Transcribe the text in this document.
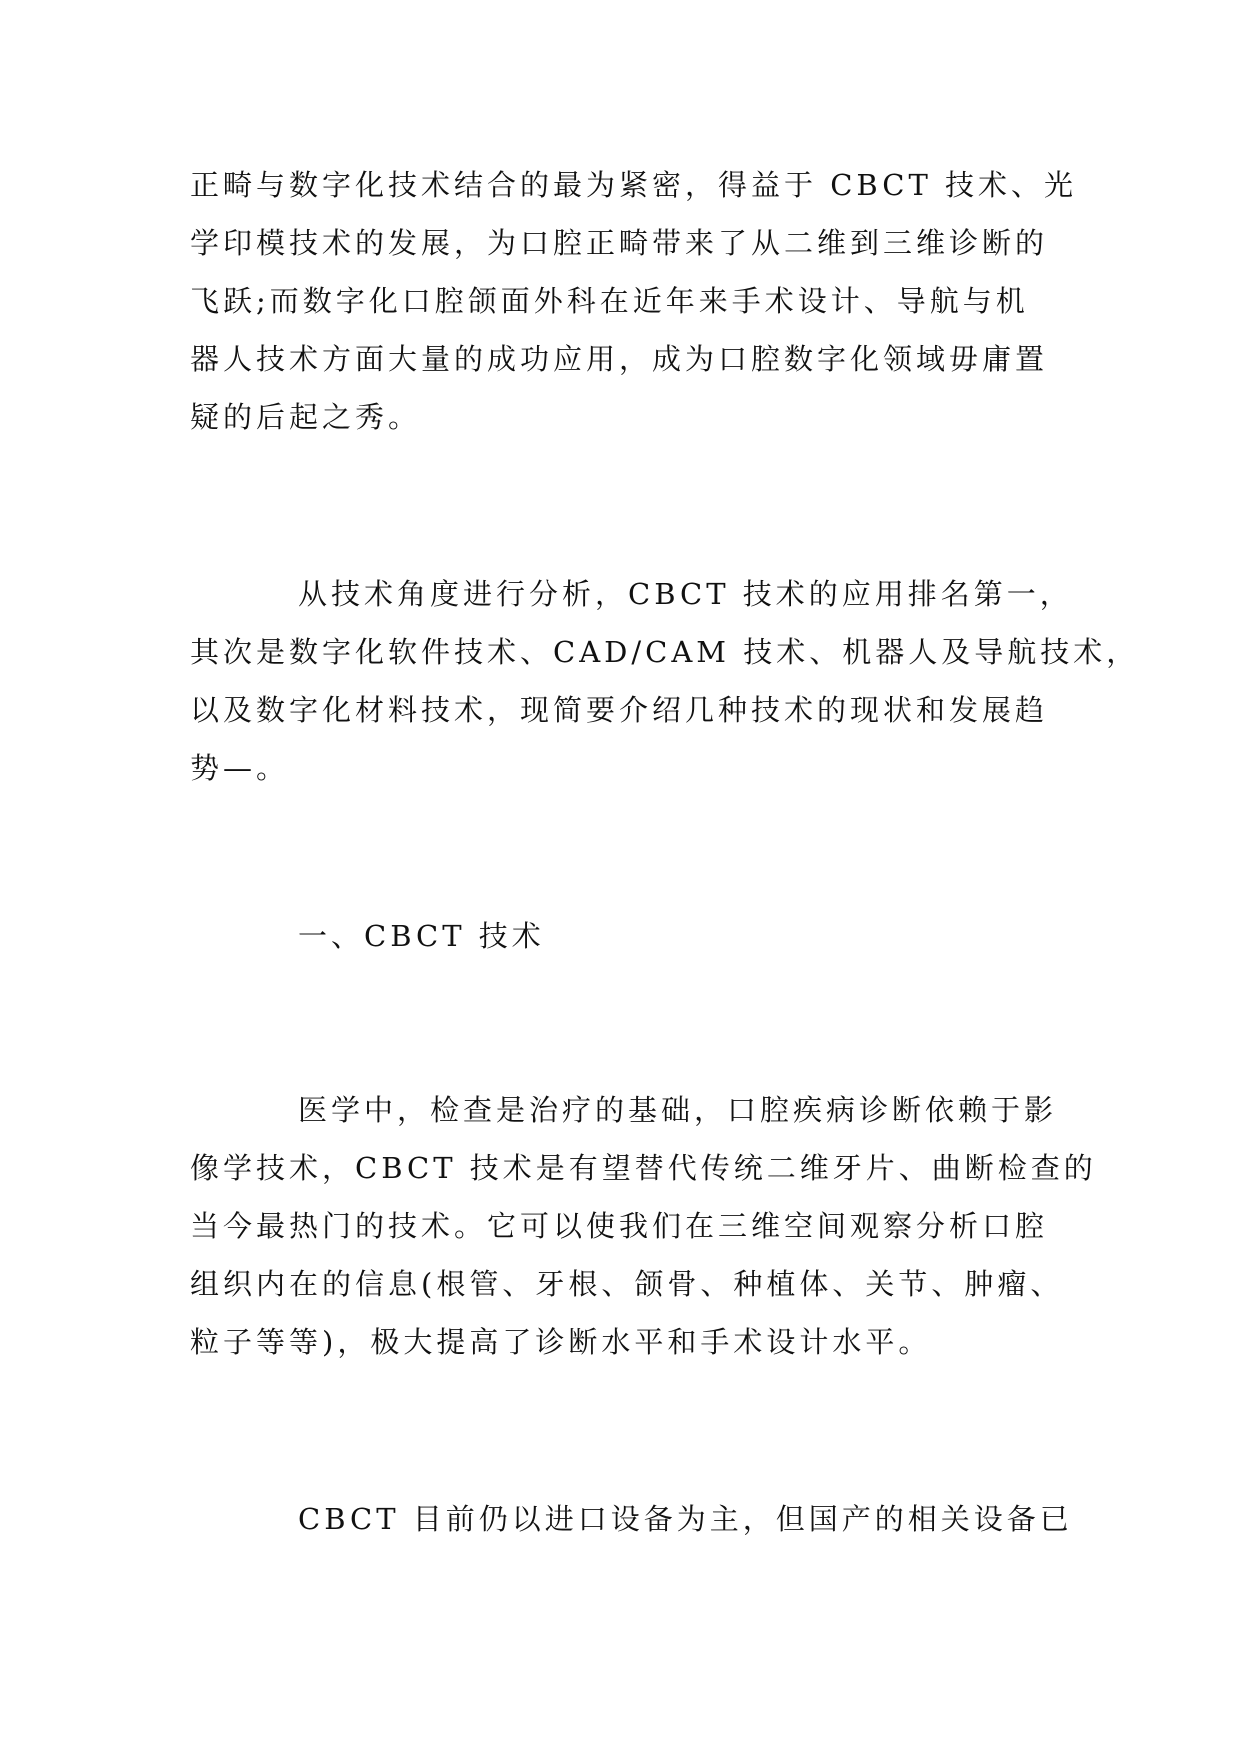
正畸与数字化技术结合的最为紧密，得益于 CBCT 技术、光
学印模技术的发展，为口腔正畸带来了从二维到三维诊断的
飞跃;而数字化口腔颌面外科在近年来手术设计、导航与机
器人技术方面大量的成功应用，成为口腔数字化领域毋庸置
疑的后起之秀。
从技术角度进行分析，CBCT 技术的应用排名第一，
其次是数字化软件技术、CAD/CAM 技术、机器人及导航技术，
以及数字化材料技术，现简要介绍几种技术的现状和发展趋
势—。
一、CBCT 技术
医学中，检查是治疗的基础，口腔疾病诊断依赖于影
像学技术，CBCT 技术是有望替代传统二维牙片、曲断检查的
当今最热门的技术。它可以使我们在三维空间观察分析口腔
组织内在的信息(根管、牙根、颌骨、种植体、关节、肿瘤、
粒子等等)，极大提高了诊断水平和手术设计水平。
CBCT 目前仍以进口设备为主，但国产的相关设备已
